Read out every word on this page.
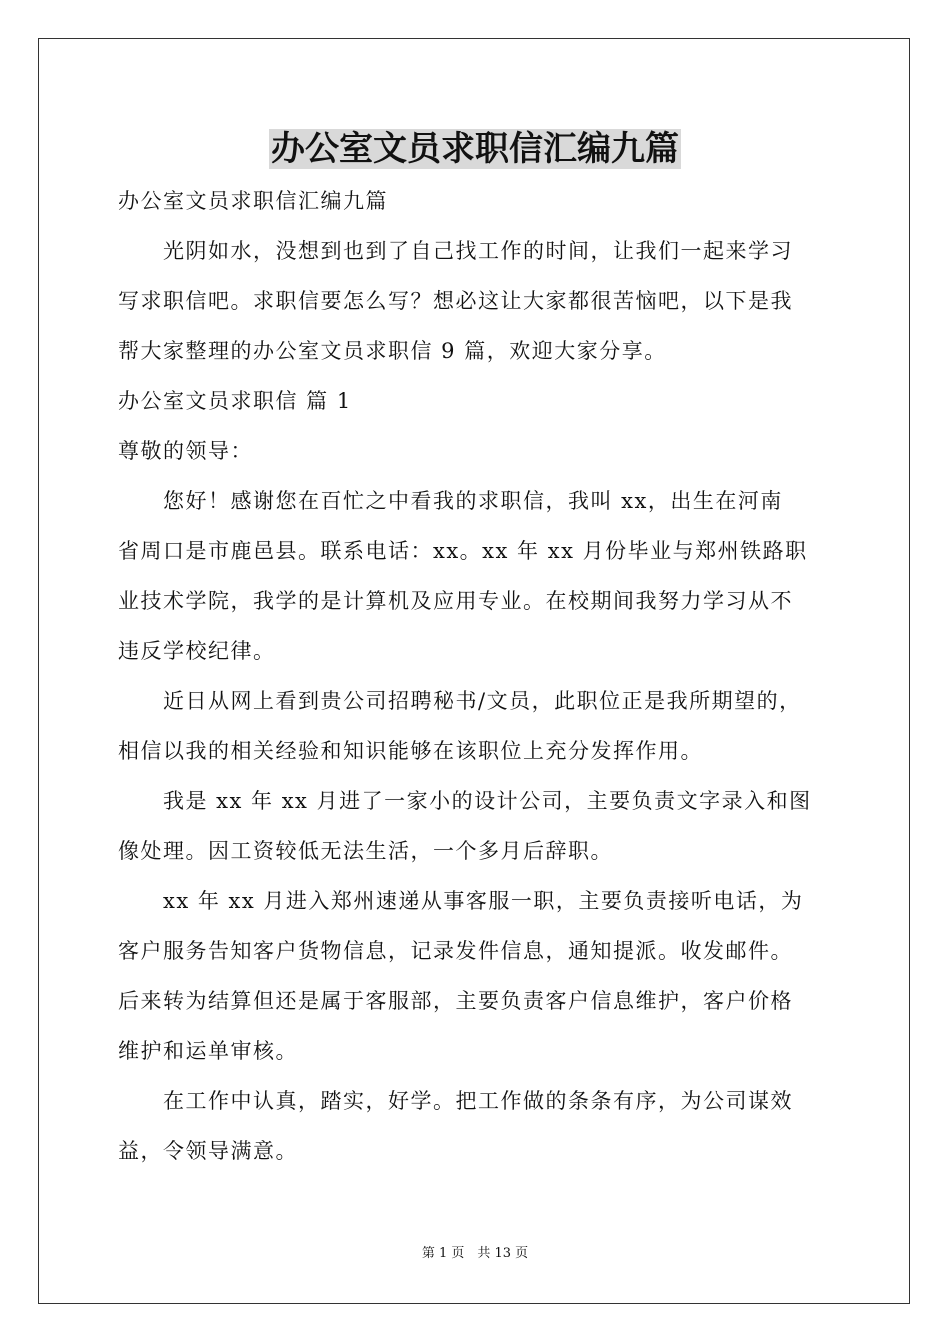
办公室文员求职信汇编九篇
办公室文员求职信汇编九篇
　　光阴如水，没想到也到了自己找工作的时间，让我们一起来学习
写求职信吧。求职信要怎么写？想必这让大家都很苦恼吧，以下是我
帮大家整理的办公室文员求职信 9 篇，欢迎大家分享。
办公室文员求职信 篇 1
尊敬的领导：
　　您好！感谢您在百忙之中看我的求职信，我叫 xx，出生在河南
省周口是市鹿邑县。联系电话：xx。xx 年 xx 月份毕业与郑州铁路职
业技术学院，我学的是计算机及应用专业。在校期间我努力学习从不
违反学校纪律。
　　近日从网上看到贵公司招聘秘书/文员，此职位正是我所期望的，
相信以我的相关经验和知识能够在该职位上充分发挥作用。
　　我是 xx 年 xx 月进了一家小的设计公司，主要负责文字录入和图
像处理。因工资较低无法生活，一个多月后辞职。
　　xx 年 xx 月进入郑州速递从事客服一职，主要负责接听电话，为
客户服务告知客户货物信息，记录发件信息，通知提派。收发邮件。
后来转为结算但还是属于客服部，主要负责客户信息维护，客户价格
维护和运单审核。
　　在工作中认真，踏实，好学。把工作做的条条有序，为公司谋效
益，令领导满意。
第 1 页　共 13 页
